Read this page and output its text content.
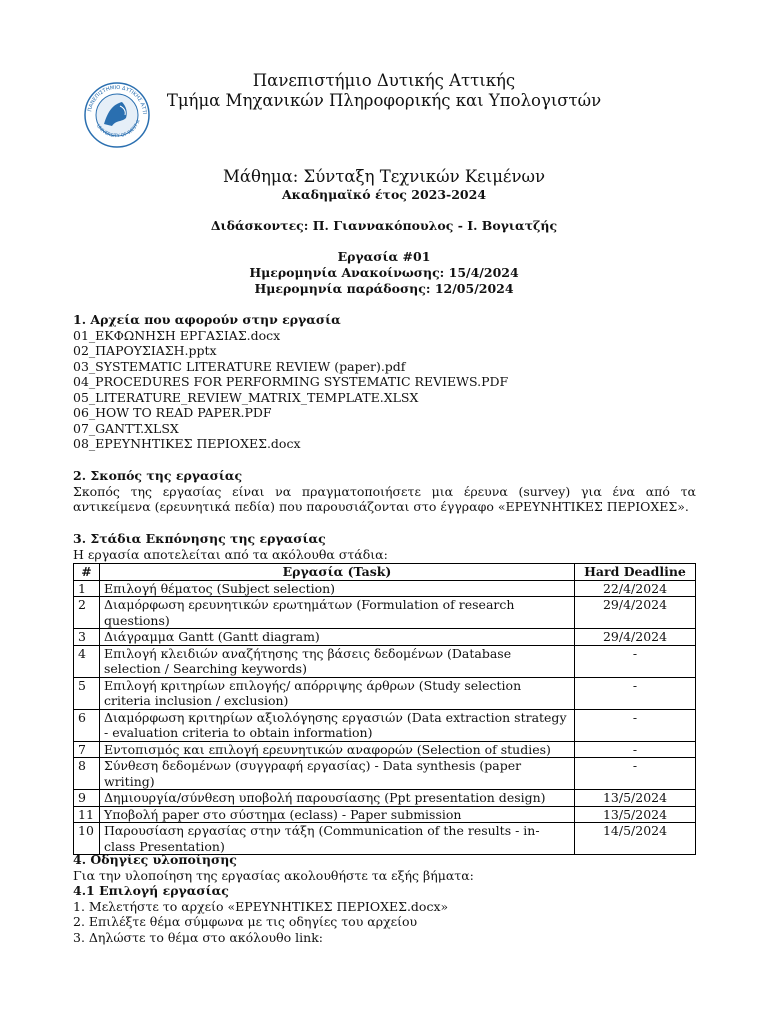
ΠΑΝΕΠΙΣΤΗΜΙΟ ΔΥΤΙΚΗΣ ΑΤΤΙ
UNIVERSITY OF WEST A
Πανεπιστήμιο Δυτικής Αττικής
Τμήμα Μηχανικών Πληροφορικής και Υπολογιστών
Μάθημα: Σύνταξη Τεχνικών Κειμένων
Ακαδημαϊκό έτος 2023-2024
Διδάσκοντες: Π. Γιαννακόπουλος - Ι. Βογιατζής
Εργασία #01
Ημερομηνία Ανακοίνωσης: 15/4/2024
Ημερομηνία παράδοσης: 12/05/2024
1. Αρχεία που αφορούν στην εργασία
01_ΕΚΦΩΝΗΣΗ ΕΡΓΑΣΙΑΣ.docx
02_ΠΑΡΟΥΣΙΑΣΗ.pptx
03_SYSTEMATIC LITERATURE REVIEW (paper).pdf
04_PROCEDURES FOR PERFORMING SYSTEMATIC REVIEWS.PDF
05_LITERATURE_REVIEW_MATRIX_TEMPLATE.XLSX
06_HOW TO READ PAPER.PDF
07_GANTT.XLSX
08_ΕΡΕΥΝΗΤΙΚΕΣ ΠΕΡΙΟΧΕΣ.docx
2. Σκοπός της εργασίας
Σκοπός της εργασίας είναι να πραγματοποιήσετε μια έρευνα (survey) για ένα από τα αντικείμενα (ερευνητικά πεδία) που παρουσιάζονται στο έγγραφο «ΕΡΕΥΝΗΤΙΚΕΣ ΠΕΡΙΟΧΕΣ».
3. Στάδια Εκπόνησης της εργασίας
Η εργασία αποτελείται από τα ακόλουθα στάδια:
#	Εργασία (Task)	Hard Deadline
1	Επιλογή θέματος (Subject selection)	22/4/2024
2	Διαμόρφωση ερευνητικών ερωτημάτων (Formulation of research questions)	29/4/2024
3	Διάγραμμα Gantt (Gantt diagram)	29/4/2024
4	Επιλογή κλειδιών αναζήτησης της βάσεις δεδομένων (Database selection / Searching keywords)	-
5	Επιλογή κριτηρίων επιλογής/ απόρριψης άρθρων (Study selection criteria inclusion / exclusion)	-
6	Διαμόρφωση κριτηρίων αξιολόγησης εργασιών (Data extraction strategy - evaluation criteria to obtain information)	-
7	Εντοπισμός και επιλογή ερευνητικών αναφορών (Selection of studies)	-
8	Σύνθεση δεδομένων (συγγραφή εργασίας) - Data synthesis (paper writing)	-
9	Δημιουργία/σύνθεση υποβολή παρουσίασης (Ppt presentation design)	13/5/2024
11	Υποβολή paper στο σύστημα (eclass) - Paper submission	13/5/2024
10	Παρουσίαση εργασίας στην τάξη (Communication of the results - in-class Presentation)	14/5/2024
4. Οδηγίες υλοποίησης
Για την υλοποίηση της εργασίας ακολουθήστε τα εξής βήματα:
4.1 Επιλογή εργασίας
1. Μελετήστε το αρχείο «ΕΡΕΥΝΗΤΙΚΕΣ ΠΕΡΙΟΧΕΣ.docx»
2. Επιλέξτε θέμα σύμφωνα με τις οδηγίες του αρχείου
3. Δηλώστε το θέμα στο ακόλουθο link:
